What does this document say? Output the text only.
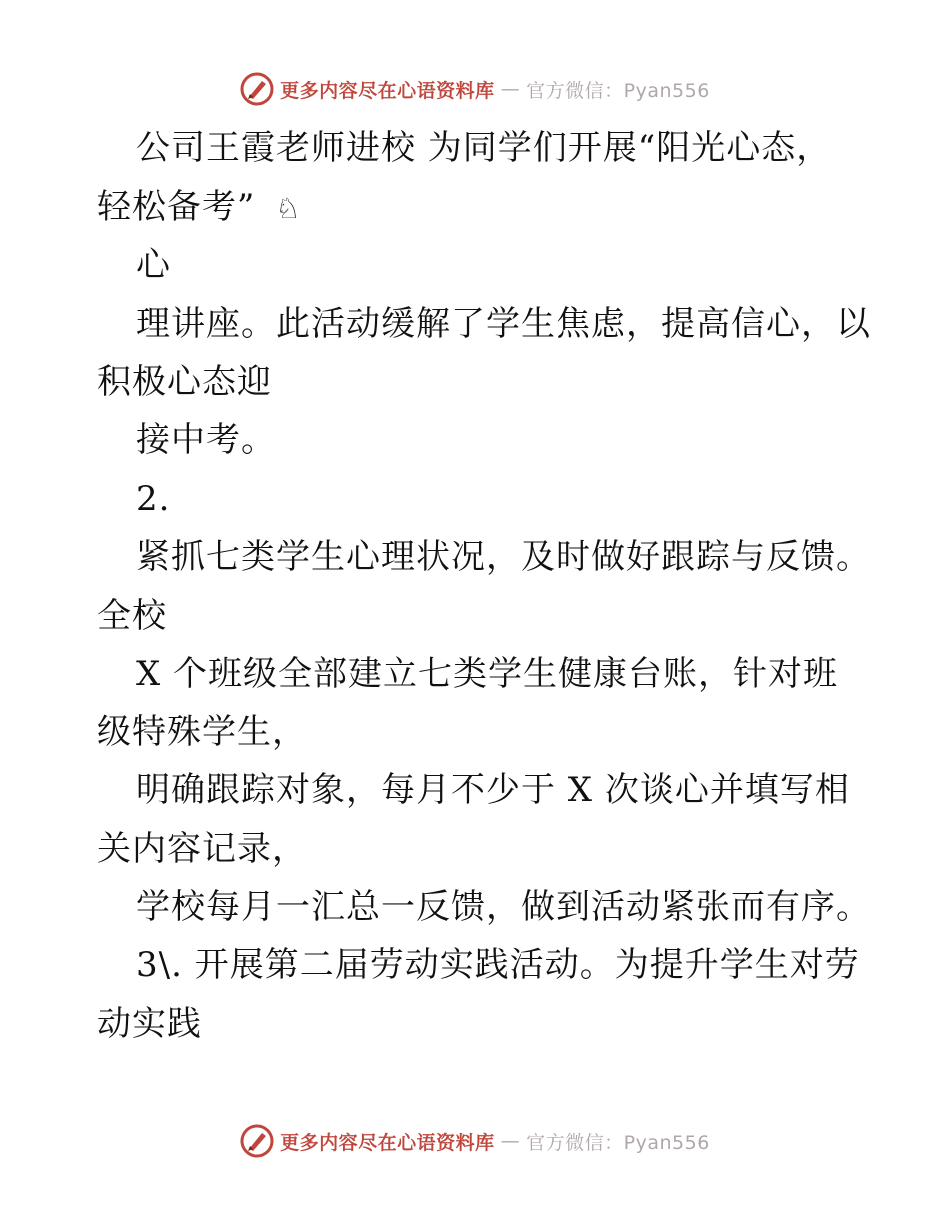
更多内容尽在心语资料库 — 官方微信：Pyan556
公司王霞老师进校 为同学们开展“阳光心态，
轻松备考” ♘
心
理讲座。此活动缓解了学生焦虑，提高信心，以
积极心态迎
接中考。
2.
紧抓七类学生心理状况，及时做好跟踪与反馈。
全校
X 个班级全部建立七类学生健康台账，针对班
级特殊学生，
明确跟踪对象，每月不少于 X 次谈心并填写相
关内容记录，
学校每月一汇总一反馈，做到活动紧张而有序。
3\. 开展第二届劳动实践活动。为提升学生对劳
动实践
更多内容尽在心语资料库 — 官方微信：Pyan556
